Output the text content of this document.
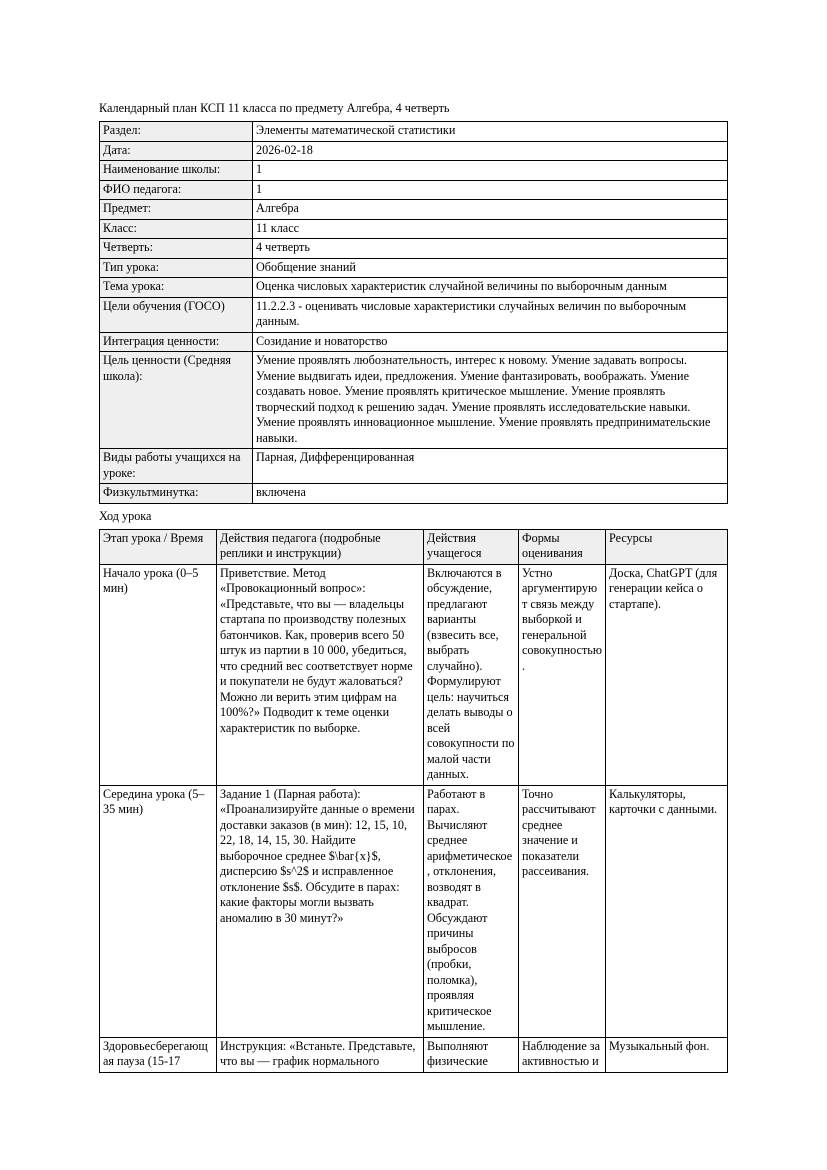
Календарный план КСП 11 класса по предмету Алгебра, 4 четверть
Раздел:	Элементы математической статистики
Дата:	2026-02-18
Наименование школы:	1
ФИО педагога:	1
Предмет:	Алгебра
Класс:	11 класс
Четверть:	4 четверть
Тип урока:	Обобщение знаний
Тема урока:	Оценка числовых характеристик случайной величины по выборочным данным
Цели обучения (ГОСО)	11.2.2.3 - оценивать числовые характеристики случайных величин по выборочным данным.
Интеграция ценности:	Созидание и новаторство
Цель ценности (Средняя школа):	Умение проявлять любознательность, интерес к новому. Умение задавать вопросы. Умение выдвигать идеи, предложения. Умение фантазировать, воображать. Умение создавать новое. Умение проявлять критическое мышление. Умение проявлять творческий подход к решению задач. Умение проявлять исследовательские навыки. Умение проявлять инновационное мышление. Умение проявлять предпринимательские навыки.
Виды работы учащихся на уроке:	Парная, Дифференцированная
Физкультминутка:	включена
Ход урока
Этап урока / Время	Действия педагога (подробные реплики и инструкции)	Действия учащегося	Формы оценивания	Ресурсы
Начало урока (0–5 мин)	Приветствие. Метод «Провокационный вопрос»: «Представьте, что вы — владельцы стартапа по производству полезных батончиков. Как, проверив всего 50 штук из партии в 10 000, убедиться, что средний вес соответствует норме и покупатели не будут жаловаться? Можно ли верить этим цифрам на 100%?» Подводит к теме оценки характеристик по выборке.	Включаются в обсуждение, предлагают варианты (взвесить все, выбрать случайно). Формулируют цель: научиться делать выводы о всей совокупности по малой части данных.	Устно аргументируют связь между выборкой и генеральной совокупностью.	Доска, ChatGPT (для генерации кейса о стартапе).
Середина урока (5–35 мин)	Задание 1 (Парная работа): «Проанализируйте данные о времени доставки заказов (в мин): 12, 15, 10, 22, 18, 14, 15, 30. Найдите выборочное среднее $\bar{x}$, дисперсию $s^2$ и исправленное отклонение $s$. Обсудите в парах: какие факторы могли вызвать аномалию в 30 минут?»	Работают в парах. Вычисляют среднее арифметическое, отклонения, возводят в квадрат. Обсуждают причины выбросов (пробки, поломка), проявляя критическое мышление.	Точно рассчитывают среднее значение и показатели рассеивания.	Калькуляторы, карточки с данными.
Здоровьесберегающая пауза (15-17	Инструкция: «Встаньте. Представьте, что вы — график нормального	Выполняют физические	Наблюдение за активностью и	Музыкальный фон.
